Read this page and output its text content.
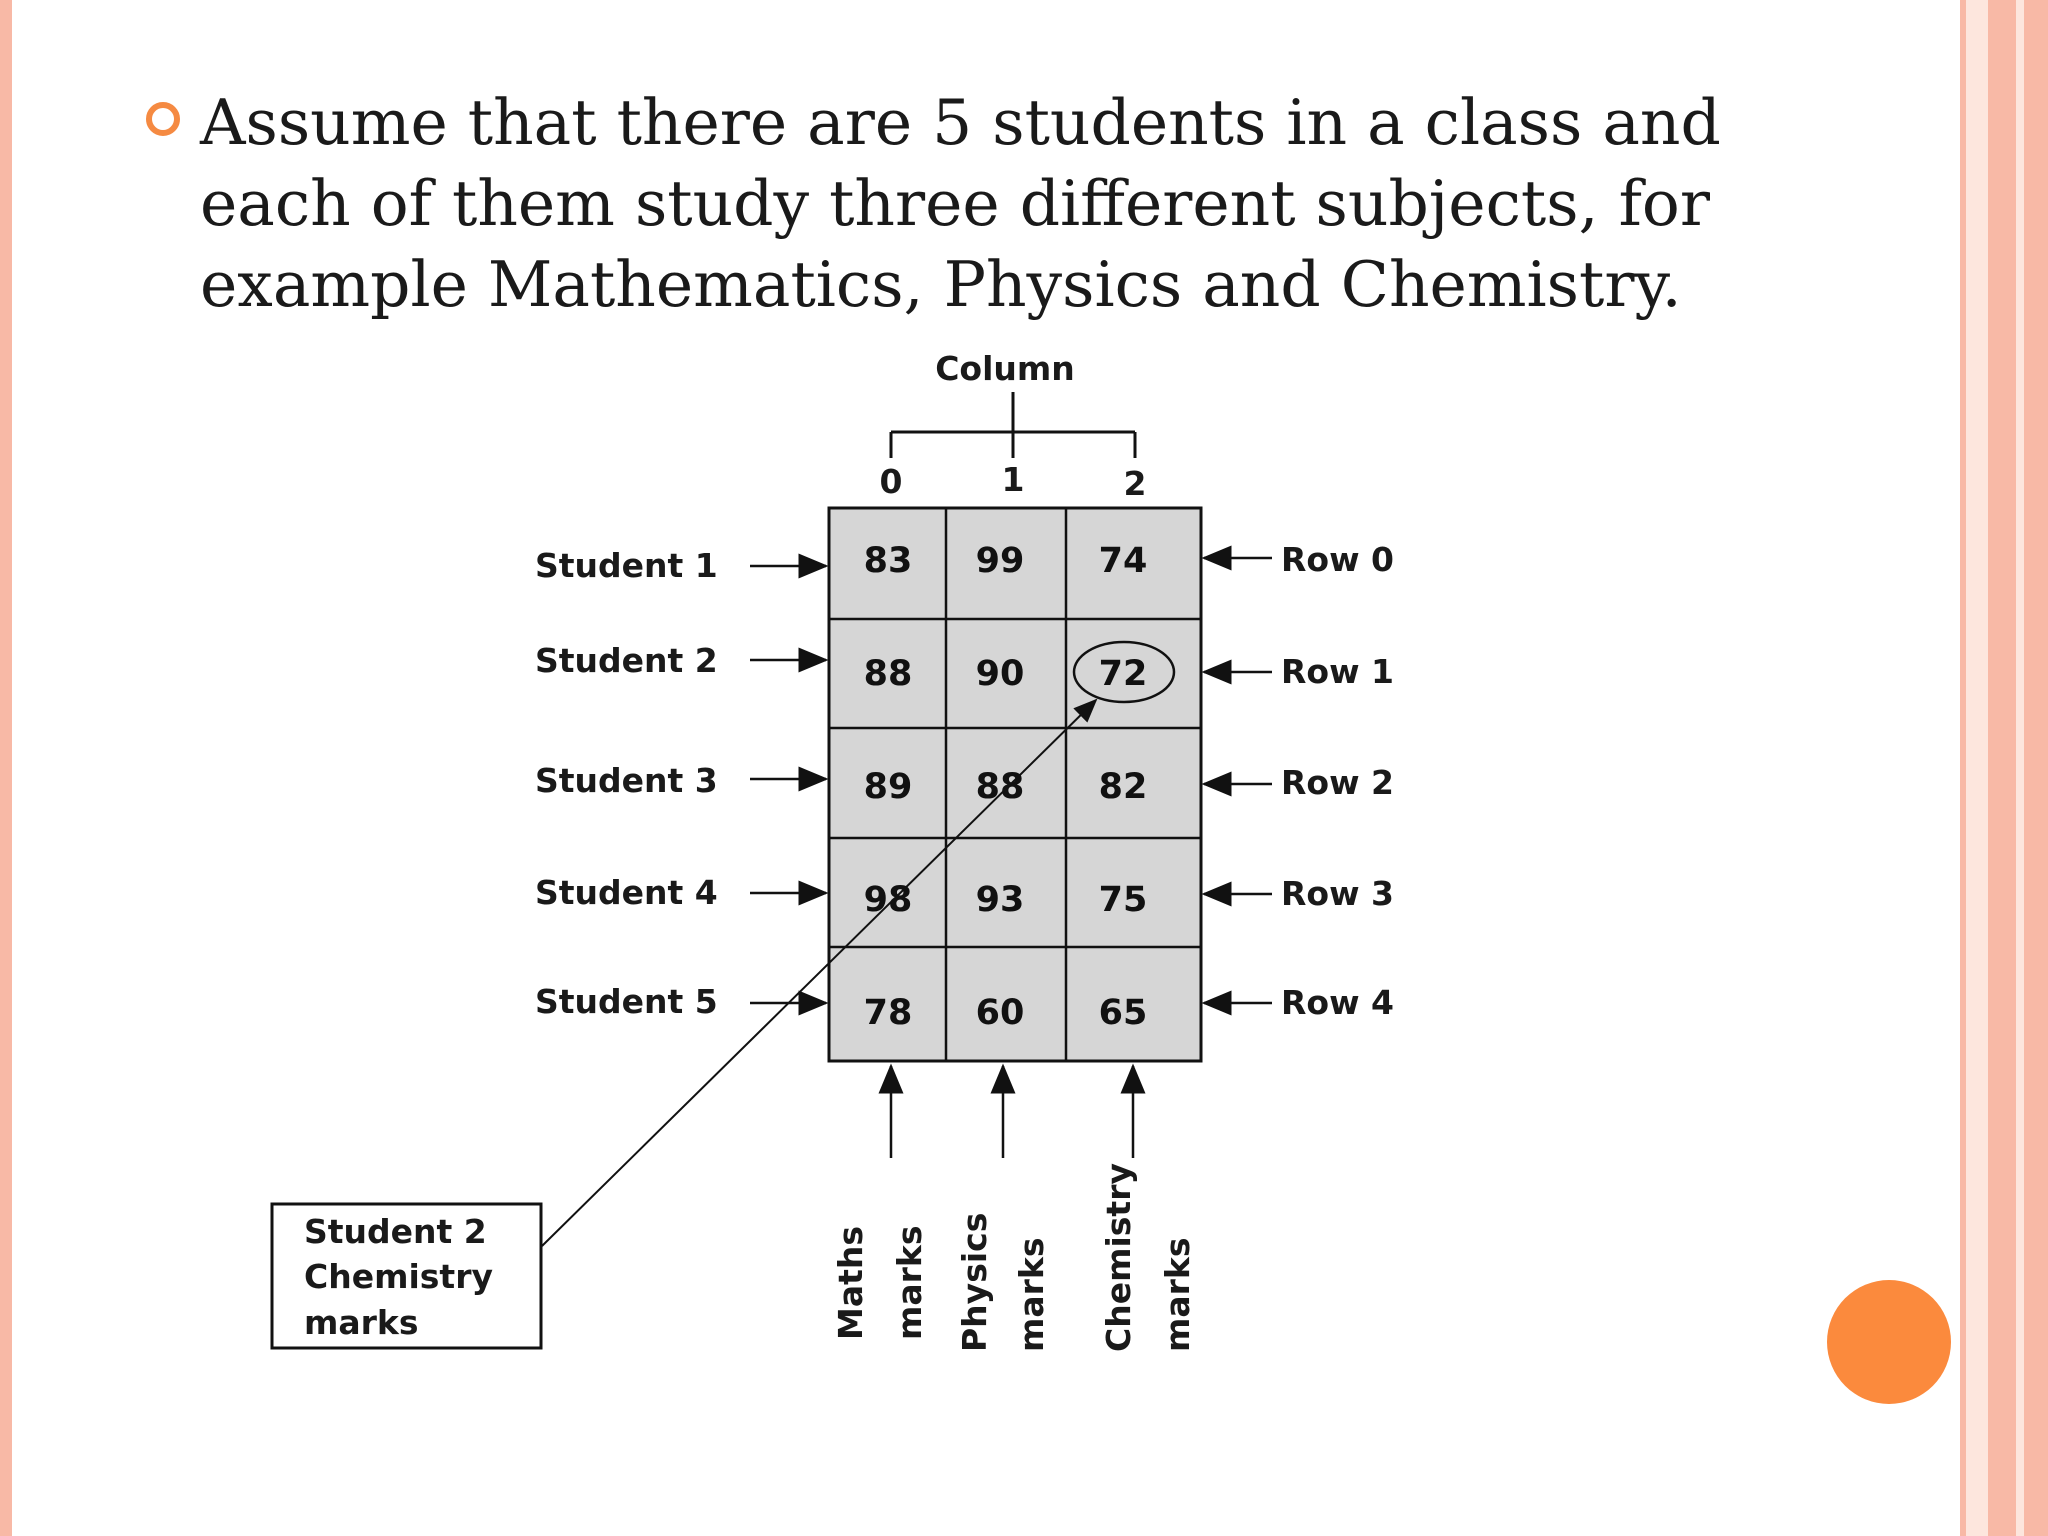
Assume that there are 5 students in a class and each of them study three different subjects, for example Mathematics, Physics and Chemistry.

Column
0	1	2
83 99 74
88 90 72
89 88 82
98 93 75
78 60 65
Student 1
Student 2
Student 3
Student 4
Student 5
Row 0
Row 1
Row 2
Row 3
Row 4
Maths marks Physics marks Chemistry marks
Student 2
Chemistry
marks
